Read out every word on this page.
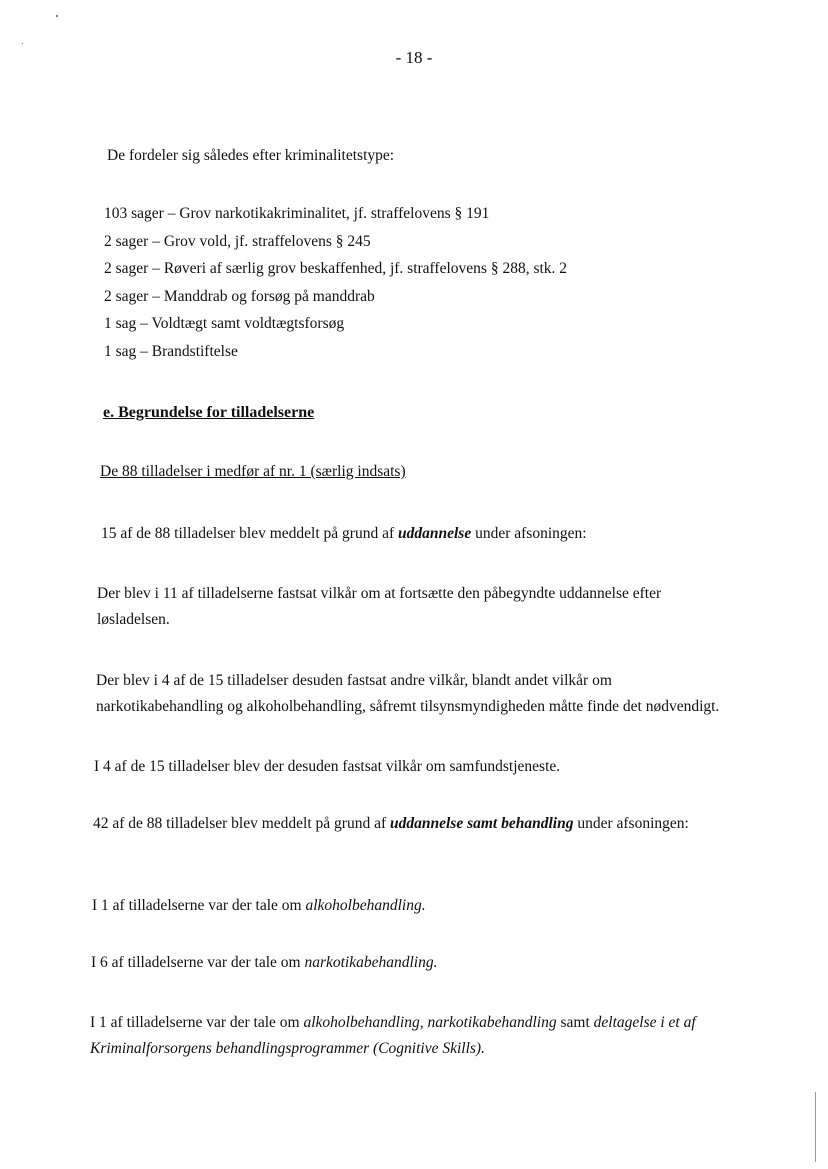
- 18 -
De fordeler sig således efter kriminalitetstype:
103 sager – Grov narkotikakriminalitet, jf. straffelovens § 191
2 sager – Grov vold, jf. straffelovens § 245
2 sager – Røveri af særlig grov beskaffenhed, jf. straffelovens § 288, stk. 2
2 sager – Manddrab og forsøg på manddrab
1 sag – Voldtægt samt voldtægtsforsøg
1 sag – Brandstiftelse
e. Begrundelse for tilladelserne
De 88 tilladelser i medfør af nr. 1 (særlig indsats)
15 af de 88 tilladelser blev meddelt på grund af uddannelse under afsoningen:
Der blev i 11 af tilladelserne fastsat vilkår om at fortsætte den påbegyndte uddannelse efter løsladelsen.
Der blev i 4 af de 15 tilladelser desuden fastsat andre vilkår, blandt andet vilkår om narkotikabehandling og alkoholbehandling, såfremt tilsynsmyndigheden måtte finde det nødvendigt.
I 4 af de 15 tilladelser blev der desuden fastsat vilkår om samfundstjeneste.
42 af de 88 tilladelser blev meddelt på grund af uddannelse samt behandling under afsoningen:
I 1 af tilladelserne var der tale om alkoholbehandling.
I 6 af tilladelserne var der tale om narkotikabehandling.
I 1 af tilladelserne var der tale om alkoholbehandling, narkotikabehandling samt deltagelse i et af Kriminalforsorgens behandlingsprogrammer (Cognitive Skills).
